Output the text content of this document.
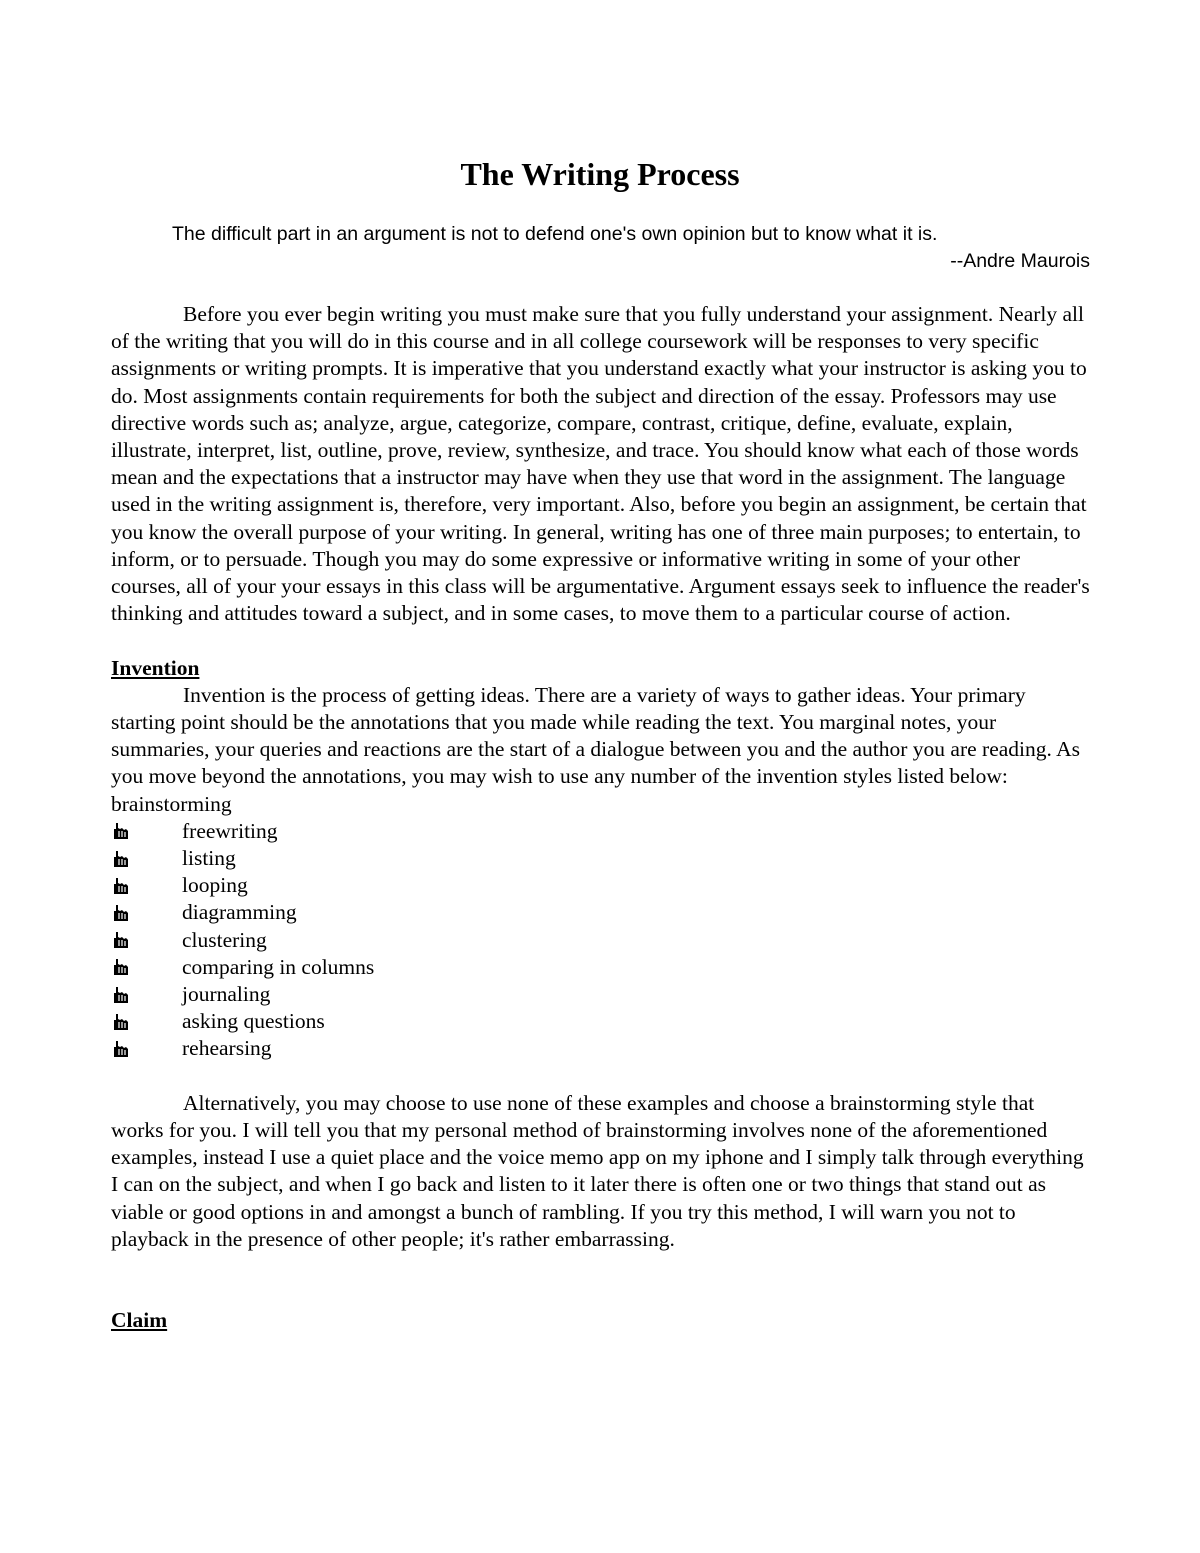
The Writing Process
The difficult part in an argument is not to defend one's own opinion but to know what it is.
--Andre Maurois

Before you ever begin writing you must make sure that you fully understand your assignment. Nearly all of the writing that you will do in this course and in all college coursework will be responses to very specific assignments or writing prompts. It is imperative that you understand exactly what your instructor is asking you to do. Most assignments contain requirements for both the subject and direction of the essay. Professors may use directive words such as; analyze, argue, categorize, compare, contrast, critique, define, evaluate, explain, illustrate, interpret, list, outline, prove, review, synthesize, and trace. You should know what each of those words mean and the expectations that a instructor may have when they use that word in the assignment. The language used in the writing assignment is, therefore, very important. Also, before you begin an assignment, be certain that you know the overall purpose of your writing. In general, writing has one of three main purposes; to entertain, to inform, or to persuade. Though you may do some expressive or informative writing in some of your other courses, all of your your essays in this class will be argumentative. Argument essays seek to influence the reader's thinking and attitudes toward a subject, and in some cases, to move them to a particular course of action.

Invention

Invention is the process of getting ideas. There are a variety of ways to gather ideas. Your primary starting point should be the annotations that you made while reading the text. You marginal notes, your summaries, your queries and reactions are the start of a dialogue between you and the author you are reading. As you move beyond the annotations, you may wish to use any number of the invention styles listed below:

brainstorming

freewriting
listing
looping
diagramming
clustering
comparing in columns
journaling
asking questions
rehearsing

Alternatively, you may choose to use none of these examples and choose a brainstorming style that works for you. I will tell you that my personal method of brainstorming involves none of the aforementioned examples, instead I use a quiet place and the voice memo app on my iphone and I simply talk through everything I can on the subject, and when I go back and listen to it later there is often one or two things that stand out as viable or good options in and amongst a bunch of rambling. If you try this method, I will warn you not to playback in the presence of other people; it's rather embarrassing.

Claim
